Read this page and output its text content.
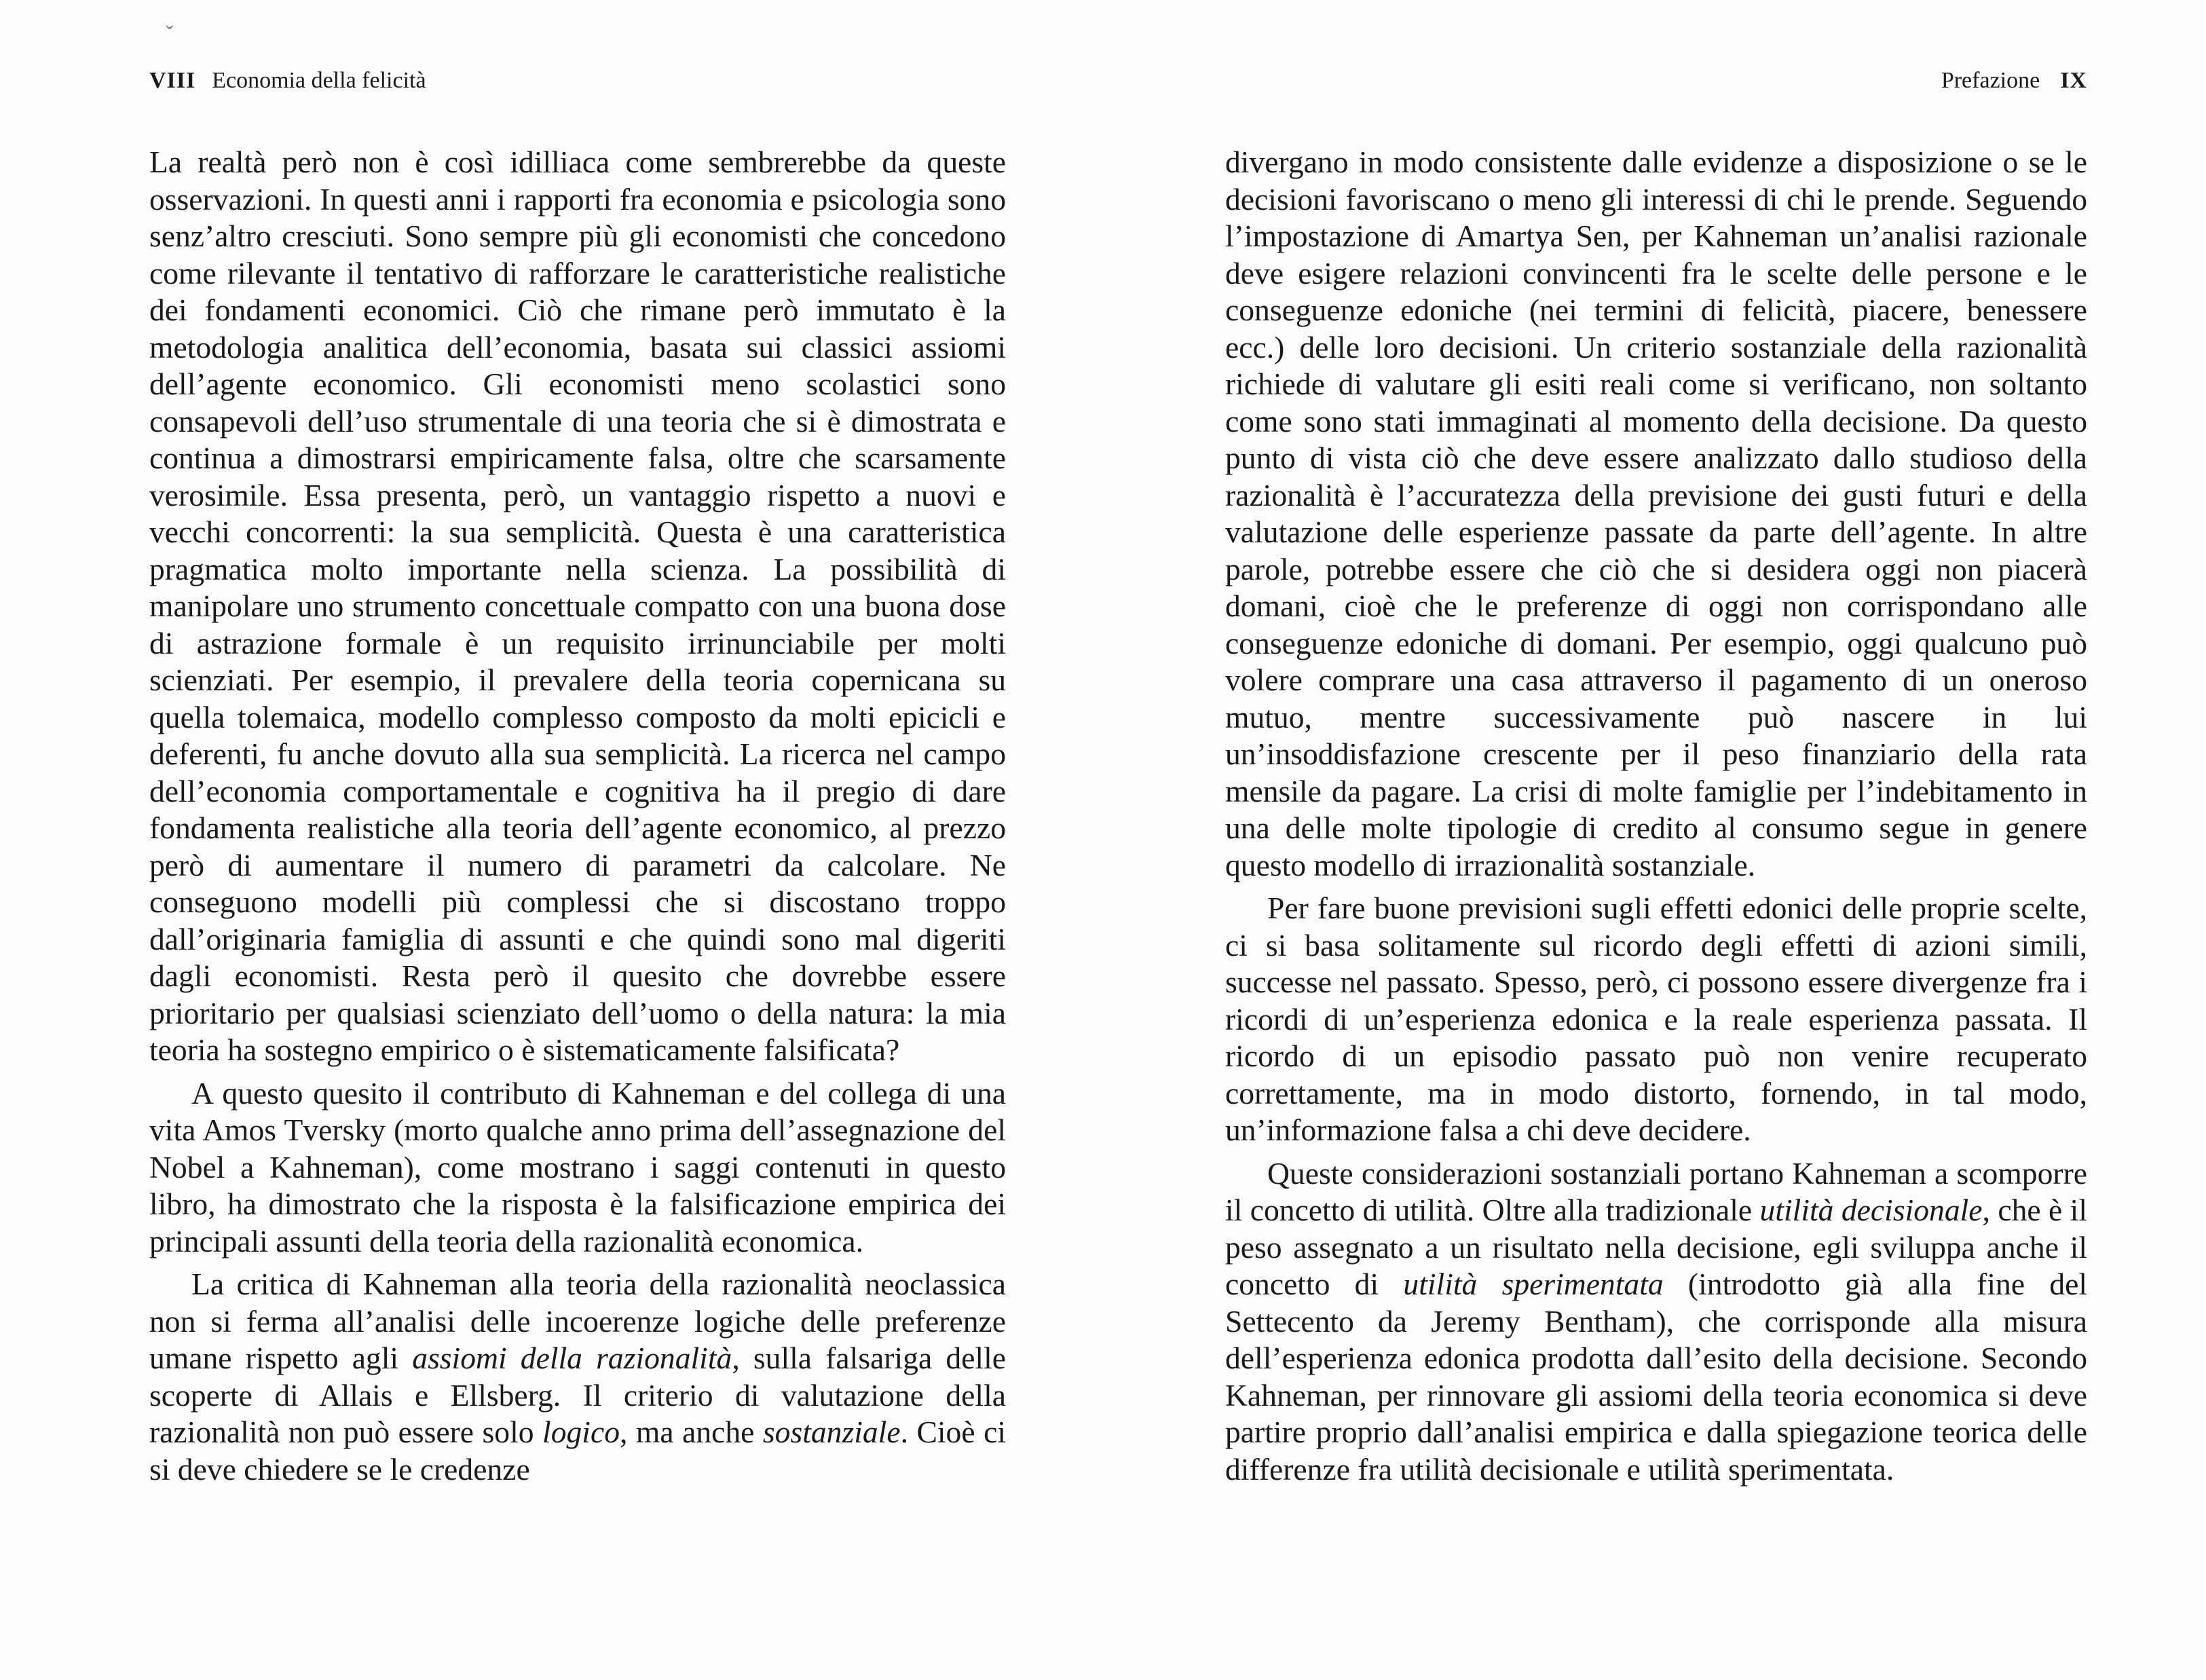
ˇ
VIII Economia della felicità

La realtà però non è così idilliaca come sembrerebbe da queste osservazioni. In questi anni i rapporti fra economia e psicologia sono senz’altro cresciuti. Sono sempre più gli economisti che concedono come rilevante il tentativo di rafforzare le caratteristiche realistiche dei fondamenti economici. Ciò che rimane però immutato è la metodologia analitica dell’economia, basata sui classici assiomi dell’agente economico. Gli economisti meno scolastici sono consapevoli dell’uso strumentale di una teoria che si è dimostrata e continua a dimostrarsi empiricamente falsa, oltre che scarsamente verosimile. Essa presenta, però, un vantaggio rispetto a nuovi e vecchi concorrenti: la sua semplicità. Questa è una caratteristica pragmatica molto importante nella scienza. La possibilità di manipolare uno strumento concettuale compatto con una buona dose di astrazione formale è un requisito irrinunciabile per molti scienziati. Per esempio, il prevalere della teoria copernicana su quella tolemaica, modello complesso composto da molti epicicli e deferenti, fu anche dovuto alla sua semplicità. La ricerca nel campo dell’economia comportamentale e cognitiva ha il pregio di dare fondamenta realistiche alla teoria dell’agente economico, al prezzo però di aumentare il numero di parametri da calcolare. Ne conseguono modelli più complessi che si discostano troppo dall’originaria famiglia di assunti e che quindi sono mal digeriti dagli economisti. Resta però il quesito che dovrebbe essere prioritario per qualsiasi scienziato dell’uomo o della natura: la mia teoria ha sostegno empirico o è sistematicamente falsificata?

A questo quesito il contributo di Kahneman e del collega di una vita Amos Tversky (morto qualche anno prima dell’assegnazione del Nobel a Kahneman), come mostrano i saggi contenuti in questo libro, ha dimostrato che la risposta è la falsificazione empirica dei principali assunti della teoria della razionalità economica.

La critica di Kahneman alla teoria della razionalità neoclassica non si ferma all’analisi delle incoerenze logiche delle preferenze umane rispetto agli assiomi della razionalità, sulla falsariga delle scoperte di Allais e Ellsberg. Il criterio di valutazione della razionalità non può essere solo logico, ma anche sostanziale. Cioè ci si deve chiedere se le credenze

Prefazione IX

divergano in modo consistente dalle evidenze a disposizione o se le decisioni favoriscano o meno gli interessi di chi le prende. Seguendo l’impostazione di Amartya Sen, per Kahneman un’analisi razionale deve esigere relazioni convincenti fra le scelte delle persone e le conseguenze edoniche (nei termini di felicità, piacere, benessere ecc.) delle loro decisioni. Un criterio sostanziale della razionalità richiede di valutare gli esiti reali come si verificano, non soltanto come sono stati immaginati al momento della decisione. Da questo punto di vista ciò che deve essere analizzato dallo studioso della razionalità è l’accuratezza della previsione dei gusti futuri e della valutazione delle esperienze passate da parte dell’agente. In altre parole, potrebbe essere che ciò che si desidera oggi non piacerà domani, cioè che le preferenze di oggi non corrispondano alle conseguenze edoniche di domani. Per esempio, oggi qualcuno può volere comprare una casa attraverso il pagamento di un oneroso mutuo, mentre successivamente può nascere in lui un’insoddisfazione crescente per il peso finanziario della rata mensile da pagare. La crisi di molte famiglie per l’indebitamento in una delle molte tipologie di credito al consumo segue in genere questo modello di irrazionalità sostanziale.

Per fare buone previsioni sugli effetti edonici delle proprie scelte, ci si basa solitamente sul ricordo degli effetti di azioni simili, successe nel passato. Spesso, però, ci possono essere divergenze fra i ricordi di un’esperienza edonica e la reale esperienza passata. Il ricordo di un episodio passato può non venire recuperato correttamente, ma in modo distorto, fornendo, in tal modo, un’informazione falsa a chi deve decidere.

Queste considerazioni sostanziali portano Kahneman a scomporre il concetto di utilità. Oltre alla tradizionale utilità decisionale, che è il peso assegnato a un risultato nella decisione, egli sviluppa anche il concetto di utilità sperimentata (introdotto già alla fine del Settecento da Jeremy Bentham), che corrisponde alla misura dell’esperienza edonica prodotta dall’esito della decisione. Secondo Kahneman, per rinnovare gli assiomi della teoria economica si deve partire proprio dall’analisi empirica e dalla spiegazione teorica delle differenze fra utilità decisionale e utilità sperimentata.
